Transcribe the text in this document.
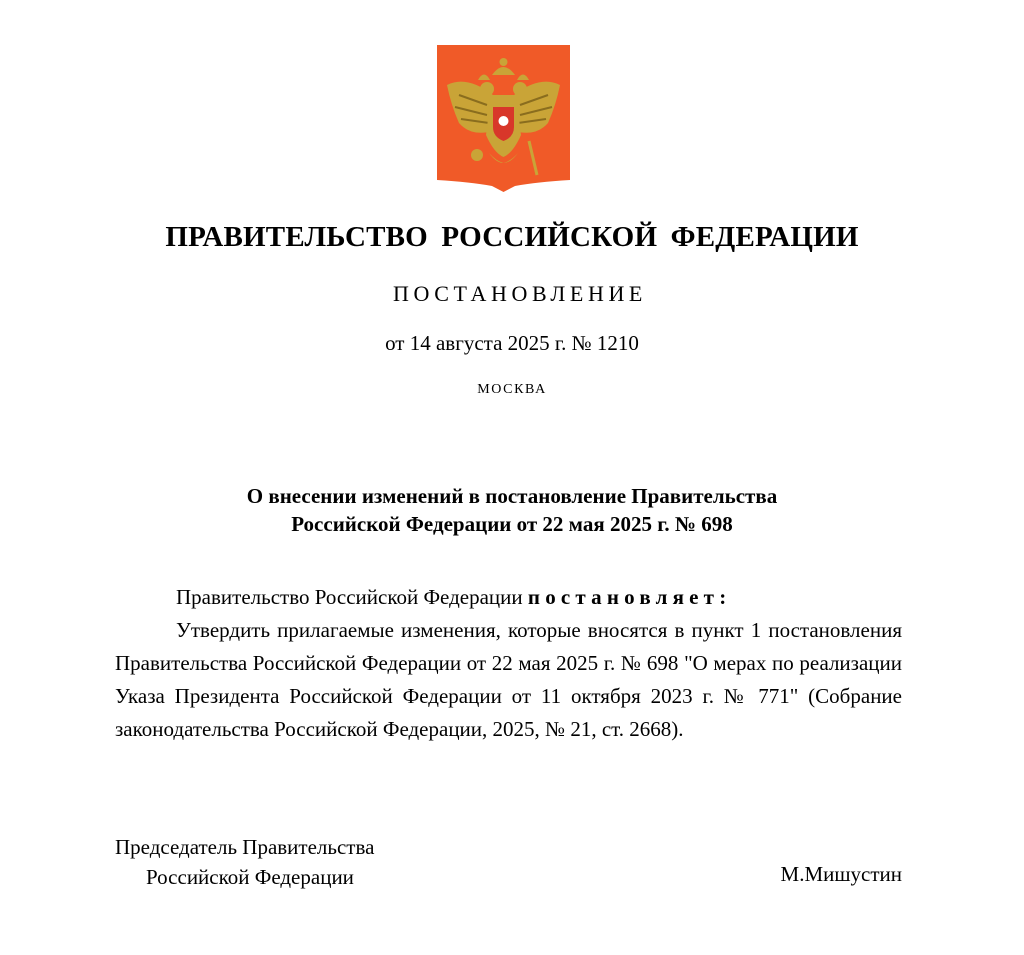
ПРАВИТЕЛЬСТВО РОССИЙСКОЙ ФЕДЕРАЦИИ
ПОСТАНОВЛЕНИЕ
от 14 августа 2025 г. № 1210
МОСКВА
О внесении изменений в постановление Правительства
Российской Федерации от 22 мая 2025 г. № 698
Правительство Российской Федерации постановляет:
Утвердить прилагаемые изменения, которые вносятся в пункт 1 постановления Правительства Российской Федерации от 22 мая 2025 г. № 698 "О мерах по реализации Указа Президента Российской Федерации от 11 октября 2023 г. № 771" (Собрание законодательства Российской Федерации, 2025, № 21, ст. 2668).
Председатель Правительства
Российской Федерации	М.Мишустин
